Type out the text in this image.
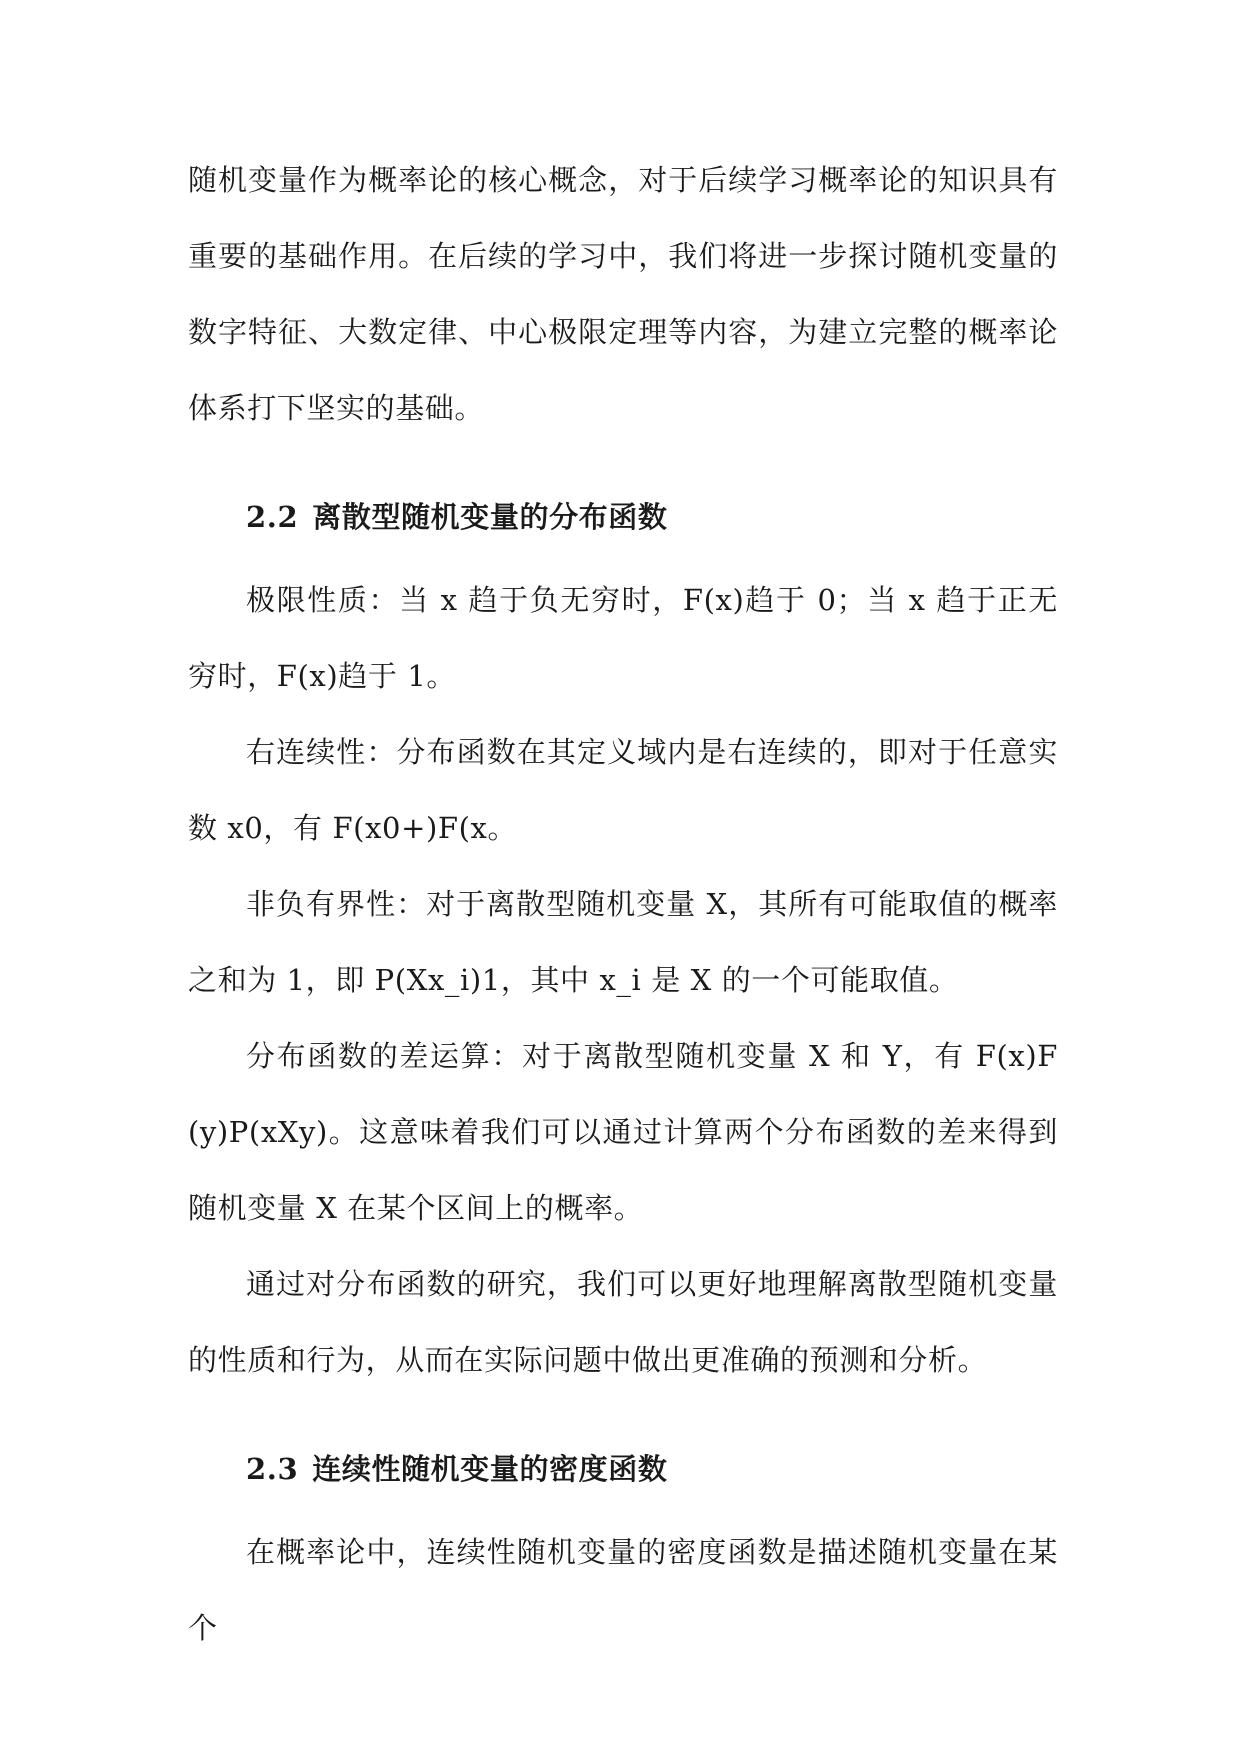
随机变量作为概率论的核心概念，对于后续学习概率论的知识具有重要的基础作用。在后续的学习中，我们将进一步探讨随机变量的数字特征、大数定律、中心极限定理等内容，为建立完整的概率论体系打下坚实的基础。

2.2 离散型随机变量的分布函数

极限性质：当 x 趋于负无穷时，F(x)趋于 0；当 x 趋于正无穷时，F(x)趋于 1。

右连续性：分布函数在其定义域内是右连续的，即对于任意实数 x0，有 F(x0+)F(x。

非负有界性：对于离散型随机变量 X，其所有可能取值的概率之和为 1，即 P(Xx_i)1，其中 x_i 是 X 的一个可能取值。

分布函数的差运算：对于离散型随机变量 X 和 Y，有 F(x)F(y)P(xXy)。这意味着我们可以通过计算两个分布函数的差来得到随机变量 X 在某个区间上的概率。

通过对分布函数的研究，我们可以更好地理解离散型随机变量的性质和行为，从而在实际问题中做出更准确的预测和分析。

2.3 连续性随机变量的密度函数

在概率论中，连续性随机变量的密度函数是描述随机变量在某个
